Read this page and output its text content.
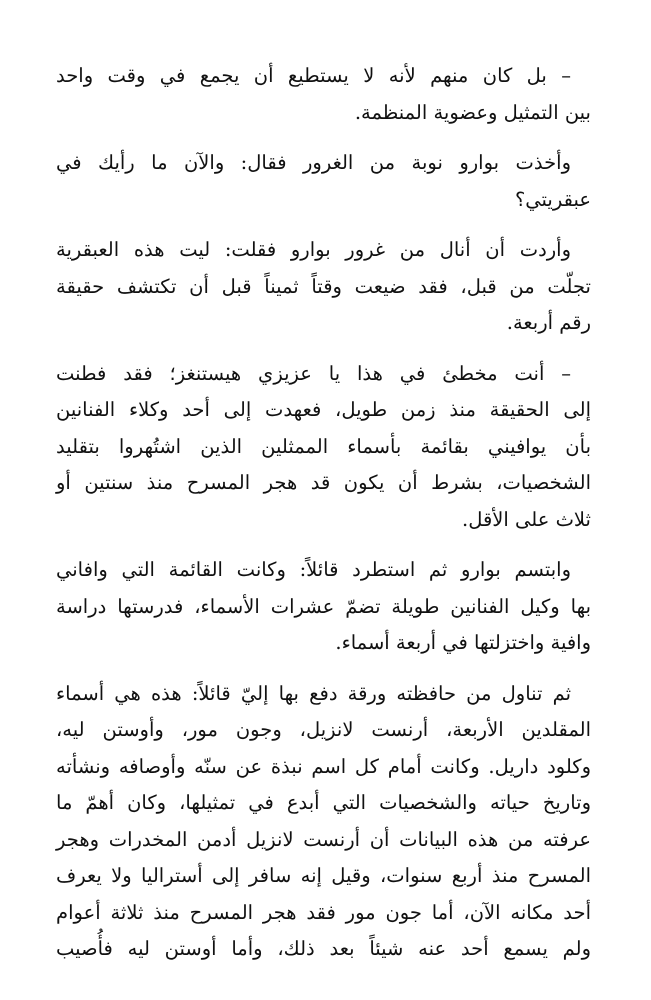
– بل كان منهم لأنه لا يستطيع أن يجمع في وقت واحد
بين التمثيل وعضوية المنظمة.

وأخذت بوارو نوبة من الغرور فقال: والآن ما رأيك في
عبقريتي؟

وأردت أن أنال من غرور بوارو فقلت: ليت هذه العبقرية
تجلّت من قبل، فقد ضيعت وقتاً ثميناً قبل أن تكتشف حقيقة
رقم أربعة.

– أنت مخطئ في هذا يا عزيزي هيستنغز؛ فقد فطنت
إلى الحقيقة منذ زمن طويل، فعهدت إلى أحد وكلاء الفنانين
بأن يوافيني بقائمة بأسماء الممثلين الذين اشتُهروا بتقليد
الشخصيات، بشرط أن يكون قد هجر المسرح منذ سنتين أو
ثلاث على الأقل.

وابتسم بوارو ثم استطرد قائلاً: وكانت القائمة التي وافاني
بها وكيل الفنانين طويلة تضمّ عشرات الأسماء، فدرستها دراسة
وافية واختزلتها في أربعة أسماء.

ثم تناول من حافظته ورقة دفع بها إليّ قائلاً: هذه هي أسماء
المقلدين الأربعة، أرنست لانزيل، وجون مور، وأوستن ليه،
وكلود داريل. وكانت أمام كل اسم نبذة عن سنّه وأوصافه ونشأته
وتاريخ حياته والشخصيات التي أبدع في تمثيلها، وكان أهمّ ما
عرفته من هذه البيانات أن أرنست لانزيل أدمن المخدرات وهجر
المسرح منذ أربع سنوات، وقيل إنه سافر إلى أستراليا ولا يعرف
أحد مكانه الآن، أما جون مور فقد هجر المسرح منذ ثلاثة أعوام
ولم يسمع أحد عنه شيئاً بعد ذلك، وأما أوستن ليه فأُصيب
